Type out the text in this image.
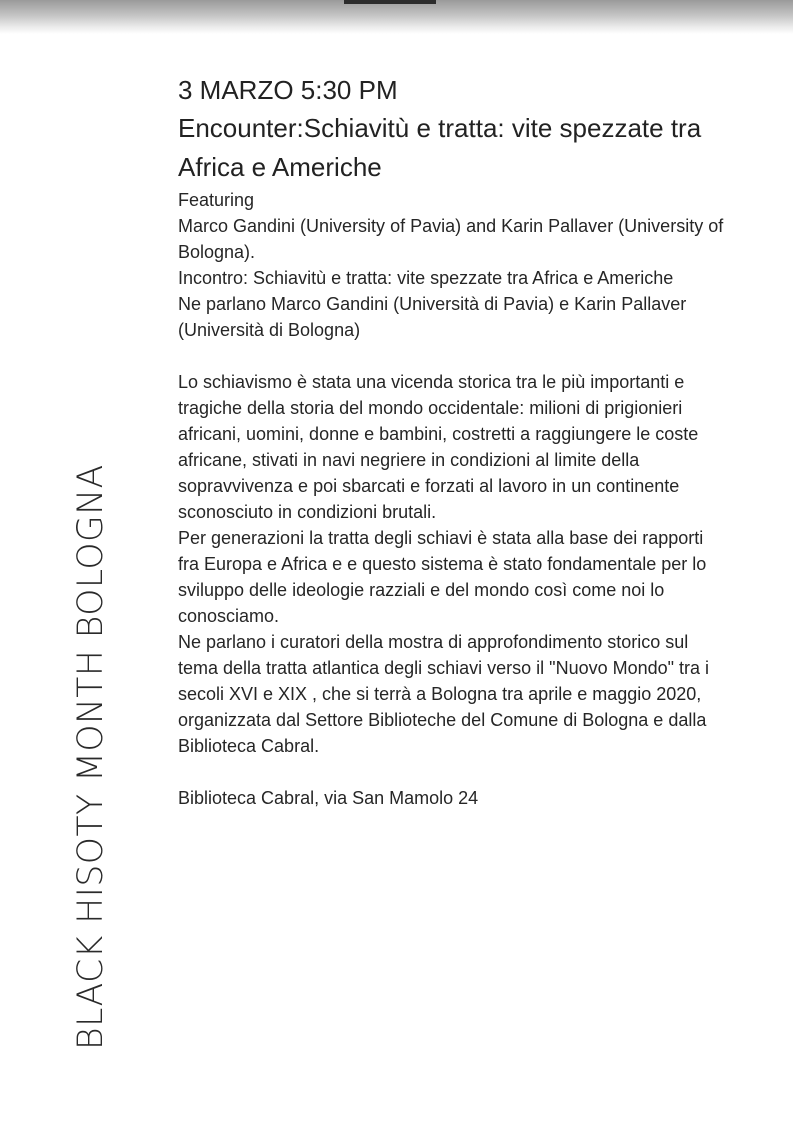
BLACK HISOTY MONTH BOLOGNA
3 MARZO 5:30 PM
Encounter:Schiavitù e tratta: vite spezzate tra Africa e Americhe

Featuring

Marco Gandini (University of Pavia) and Karin Pallaver (University of Bologna).

Incontro: Schiavitù e tratta: vite spezzate tra Africa e Americhe

Ne parlano Marco Gandini (Università di Pavia) e Karin Pallaver (Università di Bologna)

Lo schiavismo è stata una vicenda storica tra le più importanti e tragiche della storia del mondo occidentale: milioni di prigionieri africani, uomini, donne e bambini, costretti a raggiungere le coste africane, stivati in navi negriere in condizioni al limite della sopravvivenza e poi sbarcati e forzati al lavoro in un continente sconosciuto in condizioni brutali.

Per generazioni la tratta degli schiavi è stata alla base dei rapporti fra Europa e Africa e e questo sistema è stato fondamentale per lo sviluppo delle ideologie razziali e del mondo così come noi lo conosciamo.

Ne parlano i curatori della mostra di approfondimento storico sul tema della tratta atlantica degli schiavi verso il "Nuovo Mondo" tra i secoli XVI e XIX , che si terrà a Bologna tra aprile e maggio 2020, organizzata dal Settore Biblioteche del Comune di Bologna e dalla Biblioteca Cabral.

Biblioteca Cabral, via San Mamolo 24
